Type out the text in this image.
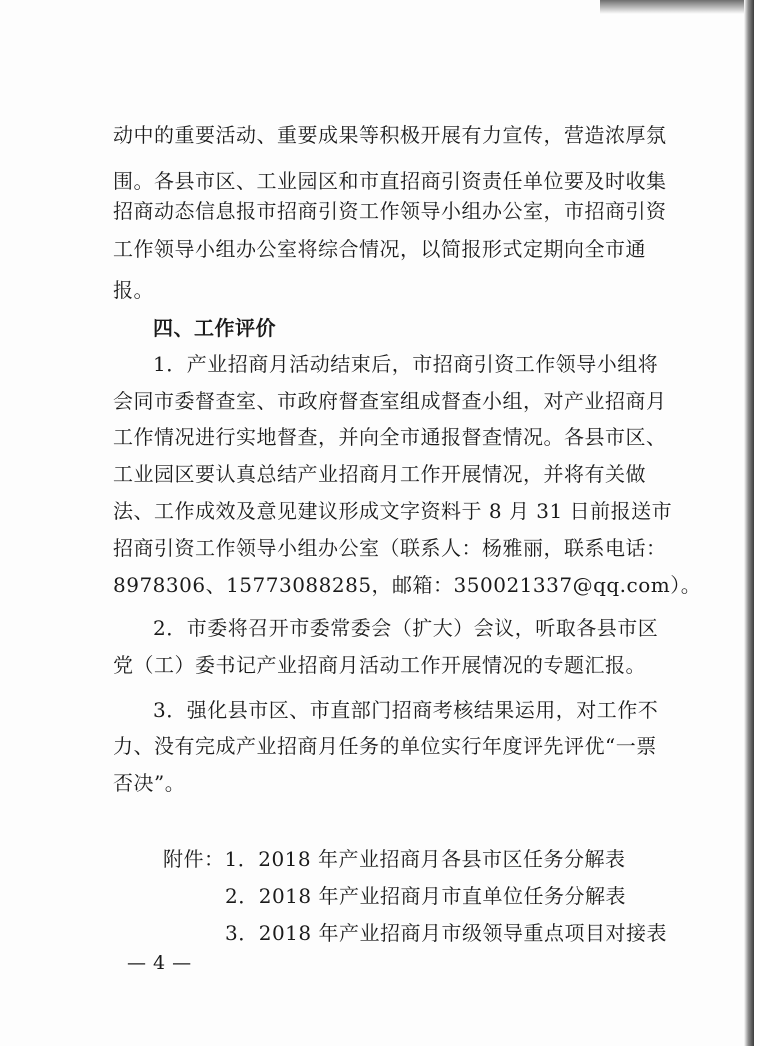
动中的重要活动、重要成果等积极开展有力宣传，营造浓厚氛

围。各县市区、工业园区和市直招商引资责任单位要及时收集

招商动态信息报市招商引资工作领导小组办公室，市招商引资

工作领导小组办公室将综合情况，以简报形式定期向全市通

报。

四、工作评价

1．产业招商月活动结束后，市招商引资工作领导小组将

会同市委督查室、市政府督查室组成督查小组，对产业招商月

工作情况进行实地督查，并向全市通报督查情况。各县市区、

工业园区要认真总结产业招商月工作开展情况，并将有关做

法、工作成效及意见建议形成文字资料于 8 月 31 日前报送市

招商引资工作领导小组办公室（联系人：杨雅丽，联系电话：

8978306、15773088285，邮箱：350021337@qq.com）。

2．市委将召开市委常委会（扩大）会议，听取各县市区

党（工）委书记产业招商月活动工作开展情况的专题汇报。

3．强化县市区、市直部门招商考核结果运用，对工作不

力、没有完成产业招商月任务的单位实行年度评先评优“一票

否决”。

附件：1．2018 年产业招商月各县市区任务分解表

2．2018 年产业招商月市直单位任务分解表

3．2018 年产业招商月市级领导重点项目对接表

— 4 —
